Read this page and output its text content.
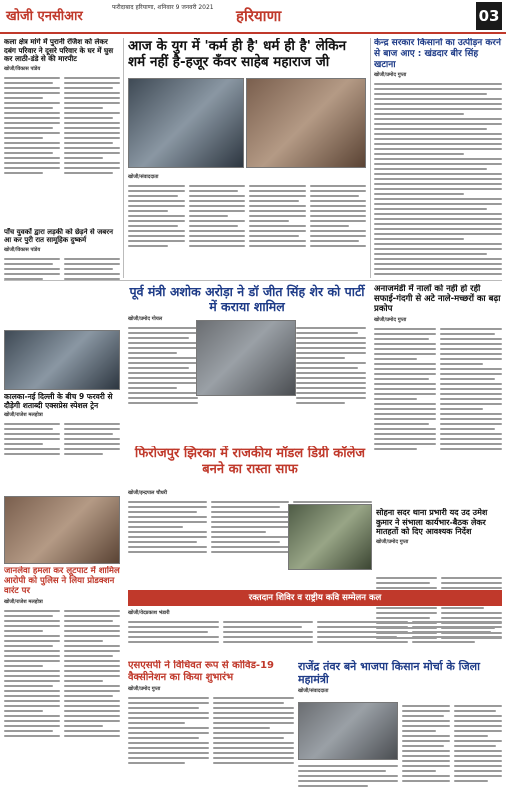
खोजी एनसीआर
फरीदाबाद हरियाणा, शनिवार 9 जनवरी 2021 हरियाणा	03
कला क्षेत्र मांगे में पुरानी रंजिश को लेकर दबंग परिवार ने दूसरे परिवार के घर में घुस कर लाठी-डंडे से की मारपीट
खोजी/विकास पांडेय
पाँच युवकों द्वारा लड़की को छेड़ने से जबरन आ कर पुरी रात सामूहिक दुष्कर्म
खोजी/विकास पांडेय
आज के युग में 'कर्म ही है' धर्म ही है' लेकिन शर्म नहीं है-हजूर कँवर साहेब महाराज जी
खोजी/संवाददाता
केन्द्र सरकार किसानों का उत्पीड़न करने से बाज आए : खंडदार बीर सिंह खटाना
खोजी/प्रमोद गुप्ता
कालका-नई दिल्ली के बीच 9 फरवरी से दौड़ेगी शताब्दी एक्सप्रेस स्पेशल ट्रेन
खोजी/राजेश मलहोत्रा
पूर्व मंत्री अशोक अरोड़ा ने डॉ जीत सिंह शेर को पार्टी में कराया शामिल
खोजी/प्रमोद गोयल
अनाजमंडी में नालों को नही हो रही सफाई-गंदगी से अटे नाले-मच्छरों का बढ़ा प्रकोप
खोजी/प्रमोद गुप्ता
फिरोजपुर झिरका में राजकीय मॉडल डिग्री कॉलेज बनने का रास्ता साफ
खोजी/इन्द्रपाल चौधरी
जानलेवा हमला कर लूटपाट में शामिल आरोपी को पुलिस ने लिया प्रोडक्शन वारंट पर
खोजी/राजेश मलहोत्रा
सोहना सदर थाना प्रभारी यद उद उमेश कुमार ने संभाला कार्यभार-बैठक लेकर मातहतों को दिए आवश्यक निर्देश
खोजी/प्रमोद गुप्ता
रक्तदान शिविर व राष्ट्रीय कवि सम्मेलन कल
खोजी/वेदप्रकाश भंडारी
एसएसपी ने विधिवत रूप से कोविड-19 वैक्सीनेशन का किया शुभारंभ
खोजी/प्रमोद गुप्ता
राजेंद्र तंवर बने भाजपा किसान मोर्चा के जिला महामंत्री
खोजी/संवाददाता
